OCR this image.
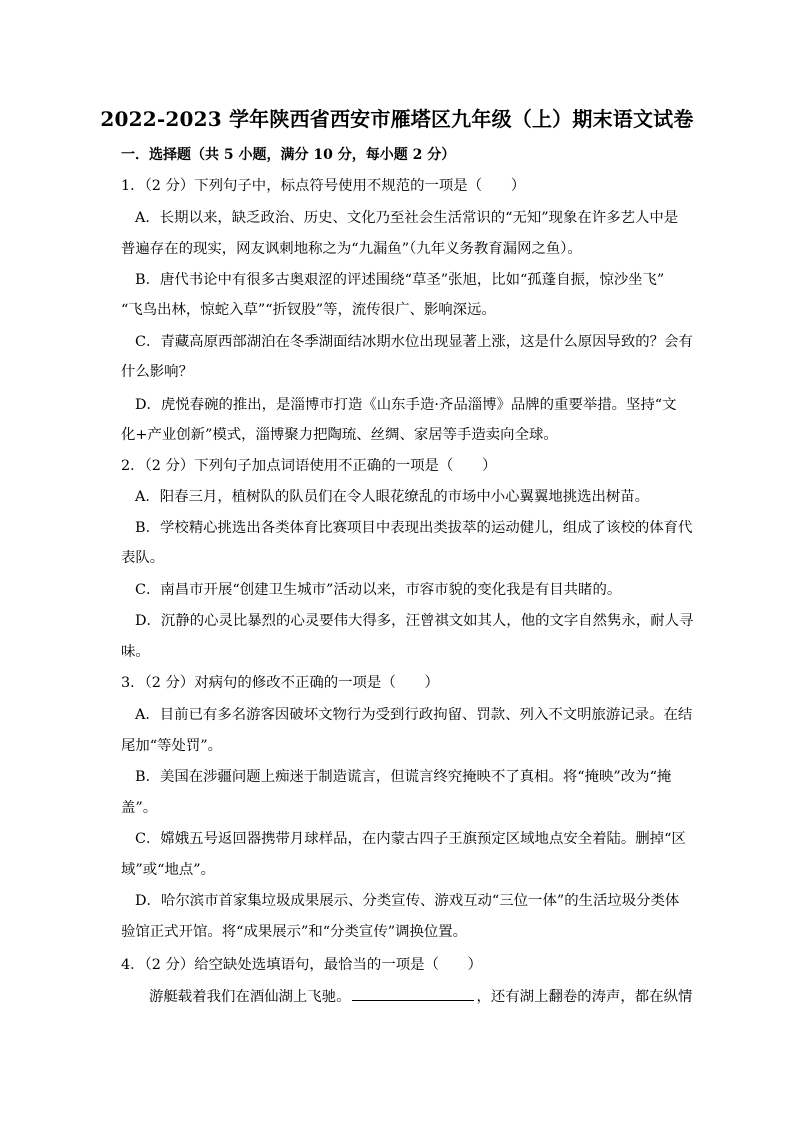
2022-2023 学年陕西省西安市雁塔区九年级（上）期末语文试卷
一．选择题（共 5 小题，满分 10 分，每小题 2 分）
1．（2 分）下列句子中，标点符号使用不规范的一项是（　　）
A．长期以来，缺乏政治、历史、文化乃至社会生活常识的“无知”现象在许多艺人中是
普遍存在的现实，网友讽刺地称之为“九漏鱼”（九年义务教育漏网之鱼）。
B．唐代书论中有很多古奥艰涩的评述围绕“草圣”张旭，比如“孤蓬自振，惊沙坐飞”
“飞鸟出林，惊蛇入草”“折钗股”等，流传很广、影响深远。
C．青藏高原西部湖泊在冬季湖面结冰期水位出现显著上涨，这是什么原因导致的？会有
什么影响？
D．虎悦春碗的推出，是淄博市打造《山东手造·齐品淄博》品牌的重要举措。坚持“文
化+产业创新”模式，淄博聚力把陶琉、丝绸、家居等手造卖向全球。
2．（2 分）下列句子加点词语使用不正确的一项是（　　）
A．阳春三月，植树队的队员们在令人眼花缭乱的市场中小心翼翼地挑选出树苗。
B．学校精心挑选出各类体育比赛项目中表现出类拔萃的运动健儿，组成了该校的体育代
表队。
C．南昌市开展“创建卫生城市”活动以来，市容市貌的变化我是有目共睹的。
D．沉静的心灵比暴烈的心灵要伟大得多，汪曾祺文如其人，他的文字自然隽永，耐人寻
味。
3．（2 分）对病句的修改不正确的一项是（　　）
A．目前已有多名游客因破坏文物行为受到行政拘留、罚款、列入不文明旅游记录。在结
尾加“等处罚”。
B．美国在涉疆问题上痴迷于制造谎言，但谎言终究掩映不了真相。将“掩映”改为“掩
盖”。
C．嫦娥五号返回器携带月球样品，在内蒙古四子王旗预定区域地点安全着陆。删掉“区
域”或“地点”。
D．哈尔滨市首家集垃圾成果展示、分类宣传、游戏互动“三位一体”的生活垃圾分类体
验馆正式开馆。将“成果展示”和“分类宣传”调换位置。
4．（2 分）给空缺处选填语句，最恰当的一项是（　　）
游艇载着我们在酒仙湖上飞驰。	，还有湖上翻卷的涛声，都在纵情
